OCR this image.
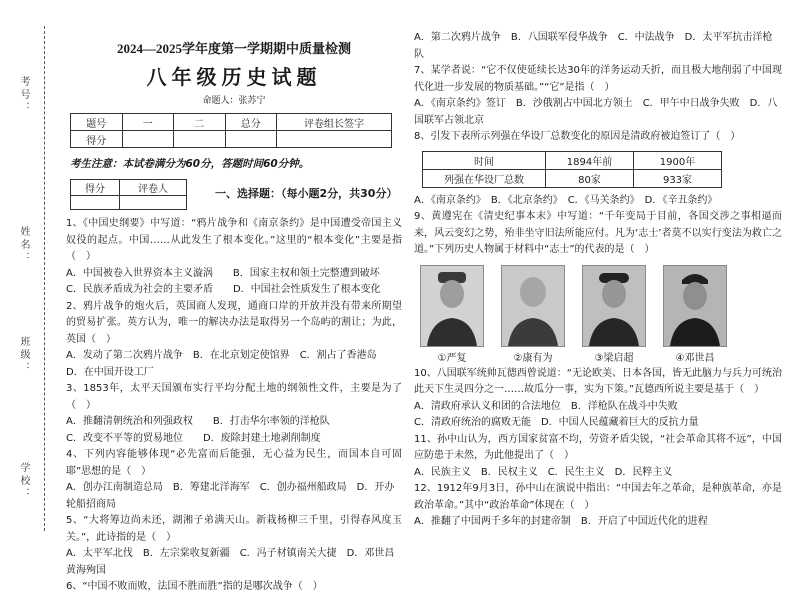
考号：
姓名：
班级：
学校：
2024—2025学年度第一学期期中质量检测
八年级历史试题
命题人：张苏宁
题号	一	二	总分	评卷组长签字
得分				
考生注意：本试卷满分为60分，答题时间60分钟。
得分	评卷人
		一、选择题：（每小题2分，共30分）
1、《中国史纲要》中写道：“鸦片战争和《南京条约》是中国遭受帝国主义奴役的起点。中国……从此发生了根本变化。”这里的“根本变化”主要是指（　）
A．中国被卷入世界资本主义漩涡　　B．国家主权和领土完整遭到破坏
C．民族矛盾成为社会的主要矛盾　　D．中国社会性质发生了根本变化
2、鸦片战争的炮火后，英国商人发现，通商口岸的开放并没有带来所期望的贸易扩张。英方认为，唯一的解决办法是取得另一个岛屿的割让；为此，英国（　）
A．发动了第二次鸦片战争　B．在北京划定使馆界　C．割占了香港岛　D．在中国开设工厂
3、1853年，太平天国颁布实行平均分配土地的纲领性文件，主要是为了（　）
A．推翻清朝统治和列强政权　　B．打击华尔率领的洋枪队
C．改变不平等的贸易地位　　D．废除封建土地剥削制度
4、下列内容能够体现“必先富而后能强，无心益为民生，而国本自可固耶”思想的是（　）
A．创办江南制造总局　B．筹建北洋海军　C．创办福州船政局　D．开办轮船招商局
5、“大将筹边尚未还，湖湘子弟满天山。新栽杨柳三千里，引得春风度玉关。”，此诗指的是（　）
A．太平军北伐　B．左宗棠收复新疆　C．冯子材镇南关大捷　D．邓世昌黄海殉国
6、“中国不败而败，法国不胜而胜”指的是哪次战争（　）
A．第二次鸦片战争　B．八国联军侵华战争　C．中法战争　D．太平军抗击洋枪队
7、某学者说：“它不仅使延续长达30年的洋务运动夭折，而且极大地削弱了中国现代化进一步发展的物质基础。”“它”是指（　）
A．《南京条约》签订　B．沙俄割占中国北方领土　C．甲午中日战争失败　D．八国联军占领北京
8、引发下表所示列强在华设厂总数变化的原因是清政府被迫签订了（　）
时间	1894年前	1900年
列强在华设厂总数	80家	933家
A．《南京条约》　B．《北京条约》　C．《马关条约》　D．《辛丑条约》
9、黄遵宪在《清史纪事本末》中写道：“千年变局于目前，各国交涉之事相逼而来，风云变幻之势，殆非坐守旧法所能应付。凡为‘志士’者莫不以实行变法为救亡之道。”下列历史人物属于材料中“志士”的代表的是（　）
①严复	②康有为	③梁启超	④邓世昌
10、八国联军统帅瓦德西曾说道：“无论欧美、日本各国，皆无此脑力与兵力可统治此天下生灵四分之一……故瓜分一事，实为下策。”瓦德西所说主要是基于（　）
A．清政府承认义和团的合法地位　B．洋枪队在战斗中失败
C．清政府统治的腐败无能　D．中国人民蕴藏着巨大的反抗力量
11、孙中山认为，西方国家贫富不均，劳资矛盾尖锐，“社会革命其将不远”，中国应防患于未然，为此他提出了（　）
A．民族主义　B．民权主义　C．民生主义　D．民粹主义
12、1912年9月3日，孙中山在演说中指出：“中国去年之革命，是种族革命，亦是政治革命。”其中“政治革命”体现在（　）
A．推翻了中国两千多年的封建帝制　B．开启了中国近代化的进程
